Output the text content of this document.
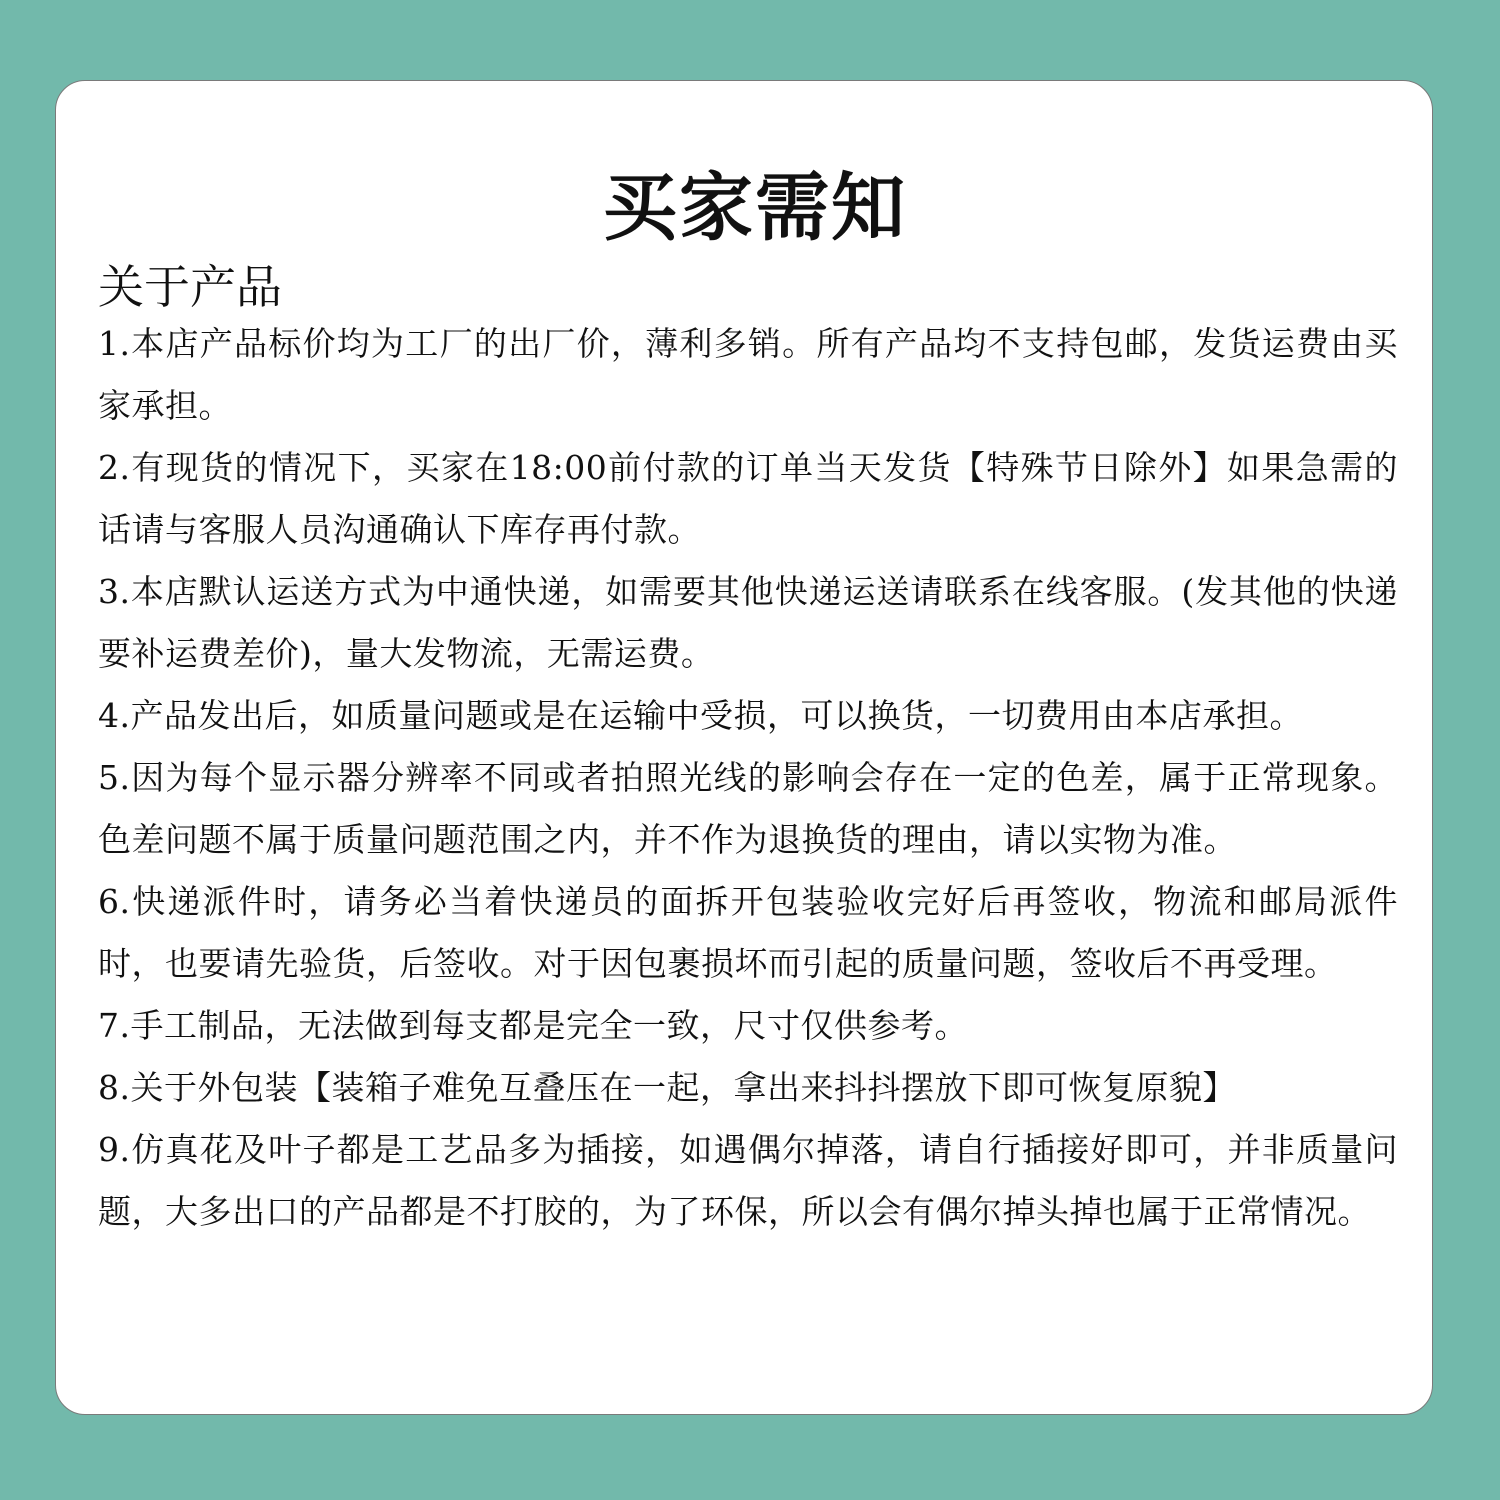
买家需知
关于产品
1.本店产品标价均为工厂的出厂价，薄利多销。所有产品均不支持包邮，发货运费由买家承担。
2.有现货的情况下，买家在18:00前付款的订单当天发货【特殊节日除外】如果急需的话请与客服人员沟通确认下库存再付款。
3.本店默认运送方式为中通快递，如需要其他快递运送请联系在线客服。(发其他的快递要补运费差价)，量大发物流，无需运费。
4.产品发出后，如质量问题或是在运输中受损，可以换货，一切费用由本店承担。
5.因为每个显示器分辨率不同或者拍照光线的影响会存在一定的色差，属于正常现象。色差问题不属于质量问题范围之内，并不作为退换货的理由，请以实物为准。
6.快递派件时，请务必当着快递员的面拆开包装验收完好后再签收，物流和邮局派件时，也要请先验货，后签收。对于因包裹损坏而引起的质量问题，签收后不再受理。
7.手工制品，无法做到每支都是完全一致，尺寸仅供参考。
8.关于外包装【装箱子难免互叠压在一起，拿出来抖抖摆放下即可恢复原貌】
9.仿真花及叶子都是工艺品多为插接，如遇偶尔掉落，请自行插接好即可，并非质量问题，大多出口的产品都是不打胶的，为了环保，所以会有偶尔掉头掉也属于正常情况。
